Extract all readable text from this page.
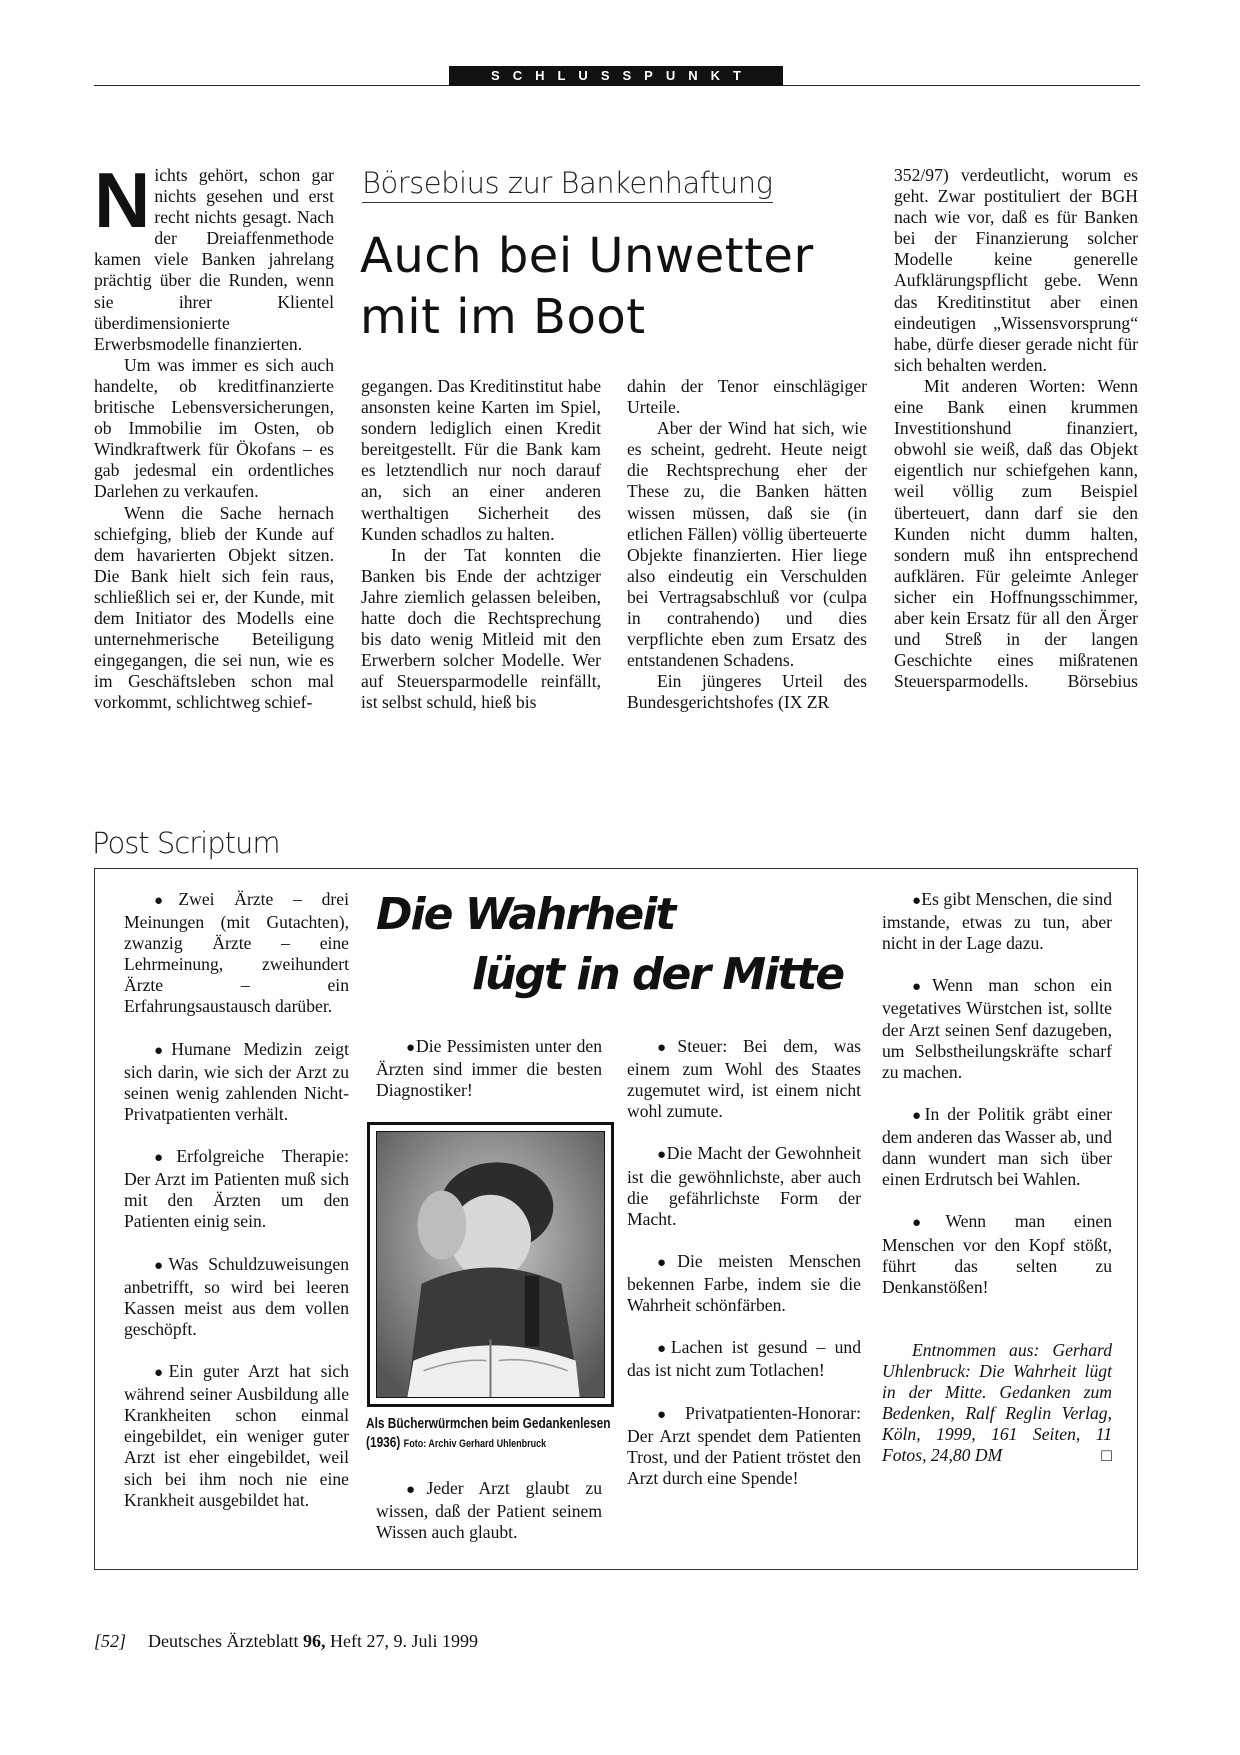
SCHLUSSPUNKT
Börsebius zur Bankenhaftung
Auch bei Unwetter
mit im Boot

Nichts gehört, schon gar nichts gesehen und erst recht nichts gesagt. Nach der Dreiaffenmethode kamen viele Banken jahrelang prächtig über die Runden, wenn sie ihrer Klientel überdimensionierte Erwerbsmodelle finanzierten.

Um was immer es sich auch handelte, ob kreditfinanzierte britische Lebensversicherungen, ob Immobilie im Osten, ob Windkraftwerk für Ökofans – es gab jedesmal ein ordentliches Darlehen zu verkaufen.

Wenn die Sache hernach schiefging, blieb der Kunde auf dem havarierten Objekt sitzen. Die Bank hielt sich fein raus, schließlich sei er, der Kunde, mit dem Initiator des Modells eine unternehmerische Beteiligung eingegangen, die sei nun, wie es im Geschäftsleben schon mal vorkommt, schlichtweg schief-

gegangen. Das Kreditinstitut habe ansonsten keine Karten im Spiel, sondern lediglich einen Kredit bereitgestellt. Für die Bank kam es letztendlich nur noch darauf an, sich an einer anderen werthaltigen Sicherheit des Kunden schadlos zu halten.

In der Tat konnten die Banken bis Ende der achtziger Jahre ziemlich gelassen beleiben, hatte doch die Rechtsprechung bis dato wenig Mitleid mit den Erwerbern solcher Modelle. Wer auf Steuersparmodelle reinfällt, ist selbst schuld, hieß bis

dahin der Tenor einschlägiger Urteile.

Aber der Wind hat sich, wie es scheint, gedreht. Heute neigt die Rechtsprechung eher der These zu, die Banken hätten wissen müssen, daß sie (in etlichen Fällen) völlig überteuerte Objekte finanzierten. Hier liege also eindeutig ein Verschulden bei Vertragsabschluß vor (culpa in contrahendo) und dies verpflichte eben zum Ersatz des entstandenen Schadens.

Ein jüngeres Urteil des Bundesgerichtshofes (IX ZR

352/97) verdeutlicht, worum es geht. Zwar postituliert der BGH nach wie vor, daß es für Banken bei der Finanzierung solcher Modelle keine generelle Aufklärungspflicht gebe. Wenn das Kreditinstitut aber einen eindeutigen „Wissensvorsprung“ habe, dürfe dieser gerade nicht für sich behalten werden.

Mit anderen Worten: Wenn eine Bank einen krummen Investitionshund finanziert, obwohl sie weiß, daß das Objekt eigentlich nur schiefgehen kann, weil völlig zum Beispiel überteuert, dann darf sie den Kunden nicht dumm halten, sondern muß ihn entsprechend aufklären. Für geleimte Anleger sicher ein Hoffnungsschimmer, aber kein Ersatz für all den Ärger und Streß in der langen Geschichte eines mißratenen Steuersparmodells.	Börsebius

Post Scriptum
Die Wahrheit
lügt in der Mitte

●Zwei Ärzte – drei Meinungen (mit Gutachten), zwanzig Ärzte – eine Lehrmeinung, zweihundert Ärzte – ein Erfahrungsaustausch darüber.

●Humane Medizin zeigt sich darin, wie sich der Arzt zu seinen wenig zahlenden Nicht-Privatpatienten verhält.

●Erfolgreiche Therapie: Der Arzt im Patienten muß sich mit den Ärzten um den Patienten einig sein.

●Was Schuldzuweisungen anbetrifft, so wird bei leeren Kassen meist aus dem vollen geschöpft.

●Ein guter Arzt hat sich während seiner Ausbildung alle Krankheiten schon einmal eingebildet, ein weniger guter Arzt ist eher eingebildet, weil sich bei ihm noch nie eine Krankheit ausgebildet hat.

●Die Pessimisten unter den Ärzten sind immer die besten Diagnostiker!

Als Bücherwürmchen beim Gedankenlesen (1936) Foto: Archiv Gerhard Uhlenbruck

●Jeder Arzt glaubt zu wissen, daß der Patient seinem Wissen auch glaubt.

●Steuer: Bei dem, was einem zum Wohl des Staates zugemutet wird, ist einem nicht wohl zumute.

●Die Macht der Gewohnheit ist die gewöhnlichste, aber auch die gefährlichste Form der Macht.

●Die meisten Menschen bekennen Farbe, indem sie die Wahrheit schönfärben.

●Lachen ist gesund – und das ist nicht zum Totlachen!

●Privatpatienten-Honorar: Der Arzt spendet dem Patienten Trost, und der Patient tröstet den Arzt durch eine Spende!

●Es gibt Menschen, die sind imstande, etwas zu tun, aber nicht in der Lage dazu.

●Wenn man schon ein vegetatives Würstchen ist, sollte der Arzt seinen Senf dazugeben, um Selbstheilungskräfte scharf zu machen.

●In der Politik gräbt einer dem anderen das Wasser ab, und dann wundert man sich über einen Erdrutsch bei Wahlen.

●Wenn man einen Menschen vor den Kopf stößt, führt das selten zu Denkanstößen!

Entnommen aus: Gerhard Uhlenbruck: Die Wahrheit lügt in der Mitte. Gedanken zum Bedenken, Ralf Reglin Verlag, Köln, 1999, 161 Seiten, 11 Fotos, 24,80 DM	□

[52] Deutsches Ärzteblatt 96, Heft 27, 9. Juli 1999
